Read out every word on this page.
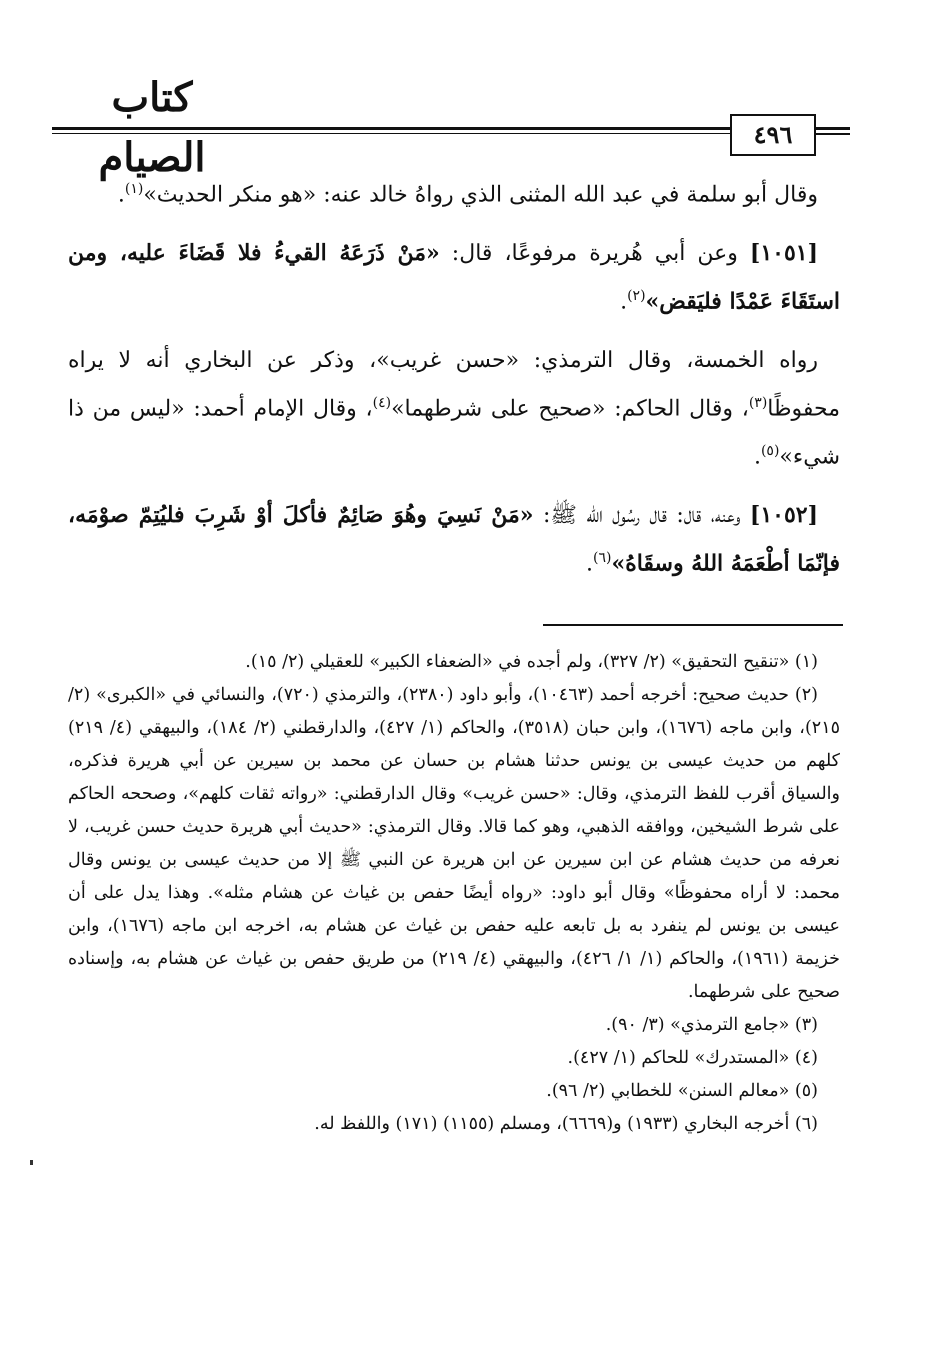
كتاب الصيام	٤٩٦

وقال أبو سلمة في عبد الله المثنى الذي رواهُ خالد عنه: «هو منكر الحديث»$^{(١)}$.

[١٠٥١] وعن أبي هُريرة مرفوعًا، قال: «مَنْ ذَرَعَهُ القيءُ فلا قَضَاءَ عليه، ومن استَقَاءَ عَمْدًا فليَقض»$^{(٢)}$.

رواه الخمسة، وقال الترمذي: «حسن غريب»، وذكر عن البخاري أنه لا يراه محفوظًا$^{(٣)}$، وقال الحاكم: «صحيح على شرطهما»$^{(٤)}$، وقال الإمام أحمد: «ليس من ذا شيء»$^{(٥)}$.

[١٠٥٢] وعنه، قال: قال رسُول الله ﷺ: «مَنْ نَسِيَ وهُوَ صَائِمٌ فأكلَ أوْ شَرِبَ فليُتِمّ صوْمَه، فإنّمَا أطْعَمَهُ اللهُ وسقَاهُ»$^{(٦)}$.

(١) «تنقيح التحقيق» (٢/ ٣٢٧)، ولم أجده في «الضعفاء الكبير» للعقيلي (٢/ ١٥).

(٢) حديث صحيح: أخرجه أحمد (١٠٤٦٣)، وأبو داود (٢٣٨٠)، والترمذي (٧٢٠)، والنسائي في «الكبرى» (٢/ ٢١٥)، وابن ماجه (١٦٧٦)، وابن حبان (٣٥١٨)، والحاكم (١/ ٤٢٧)، والدارقطني (٢/ ١٨٤)، والبيهقي (٤/ ٢١٩) كلهم من حديث عيسى بن يونس حدثنا هشام بن حسان عن محمد بن سيرين عن أبي هريرة فذكره، والسياق أقرب للفظ الترمذي، وقال: «حسن غريب» وقال الدارقطني: «رواته ثقات كلهم»، وصححه الحاكم على شرط الشيخين، ووافقه الذهبي، وهو كما قالا. وقال الترمذي: «حديث أبي هريرة حديث حسن غريب، لا نعرفه من حديث هشام عن ابن سيرين عن ابن هريرة عن النبي ﷺ إلا من حديث عيسى بن يونس وقال محمد: لا أراه محفوظًا» وقال أبو داود: «رواه أيضًا حفص بن غياث عن هشام مثله». وهذا يدل على أن عيسى بن يونس لم ينفرد به بل تابعه عليه حفص بن غياث عن هشام به، اخرجه ابن ماجه (١٦٧٦)، وابن خزيمة (١٩٦١)، والحاكم (١/ ١/ ٤٢٦)، والبيهقي (٤/ ٢١٩) من طريق حفص بن غياث عن هشام به، وإسناده صحيح على شرطهما.

(٣) «جامع الترمذي» (٣/ ٩٠).

(٤) «المستدرك» للحاكم (١/ ٤٢٧).

(٥) «معالم السنن» للخطابي (٢/ ٩٦).

(٦) أخرجه البخاري (١٩٣٣) و(٦٦٦٩)، ومسلم (١١٥٥) (١٧١) واللفظ له.
